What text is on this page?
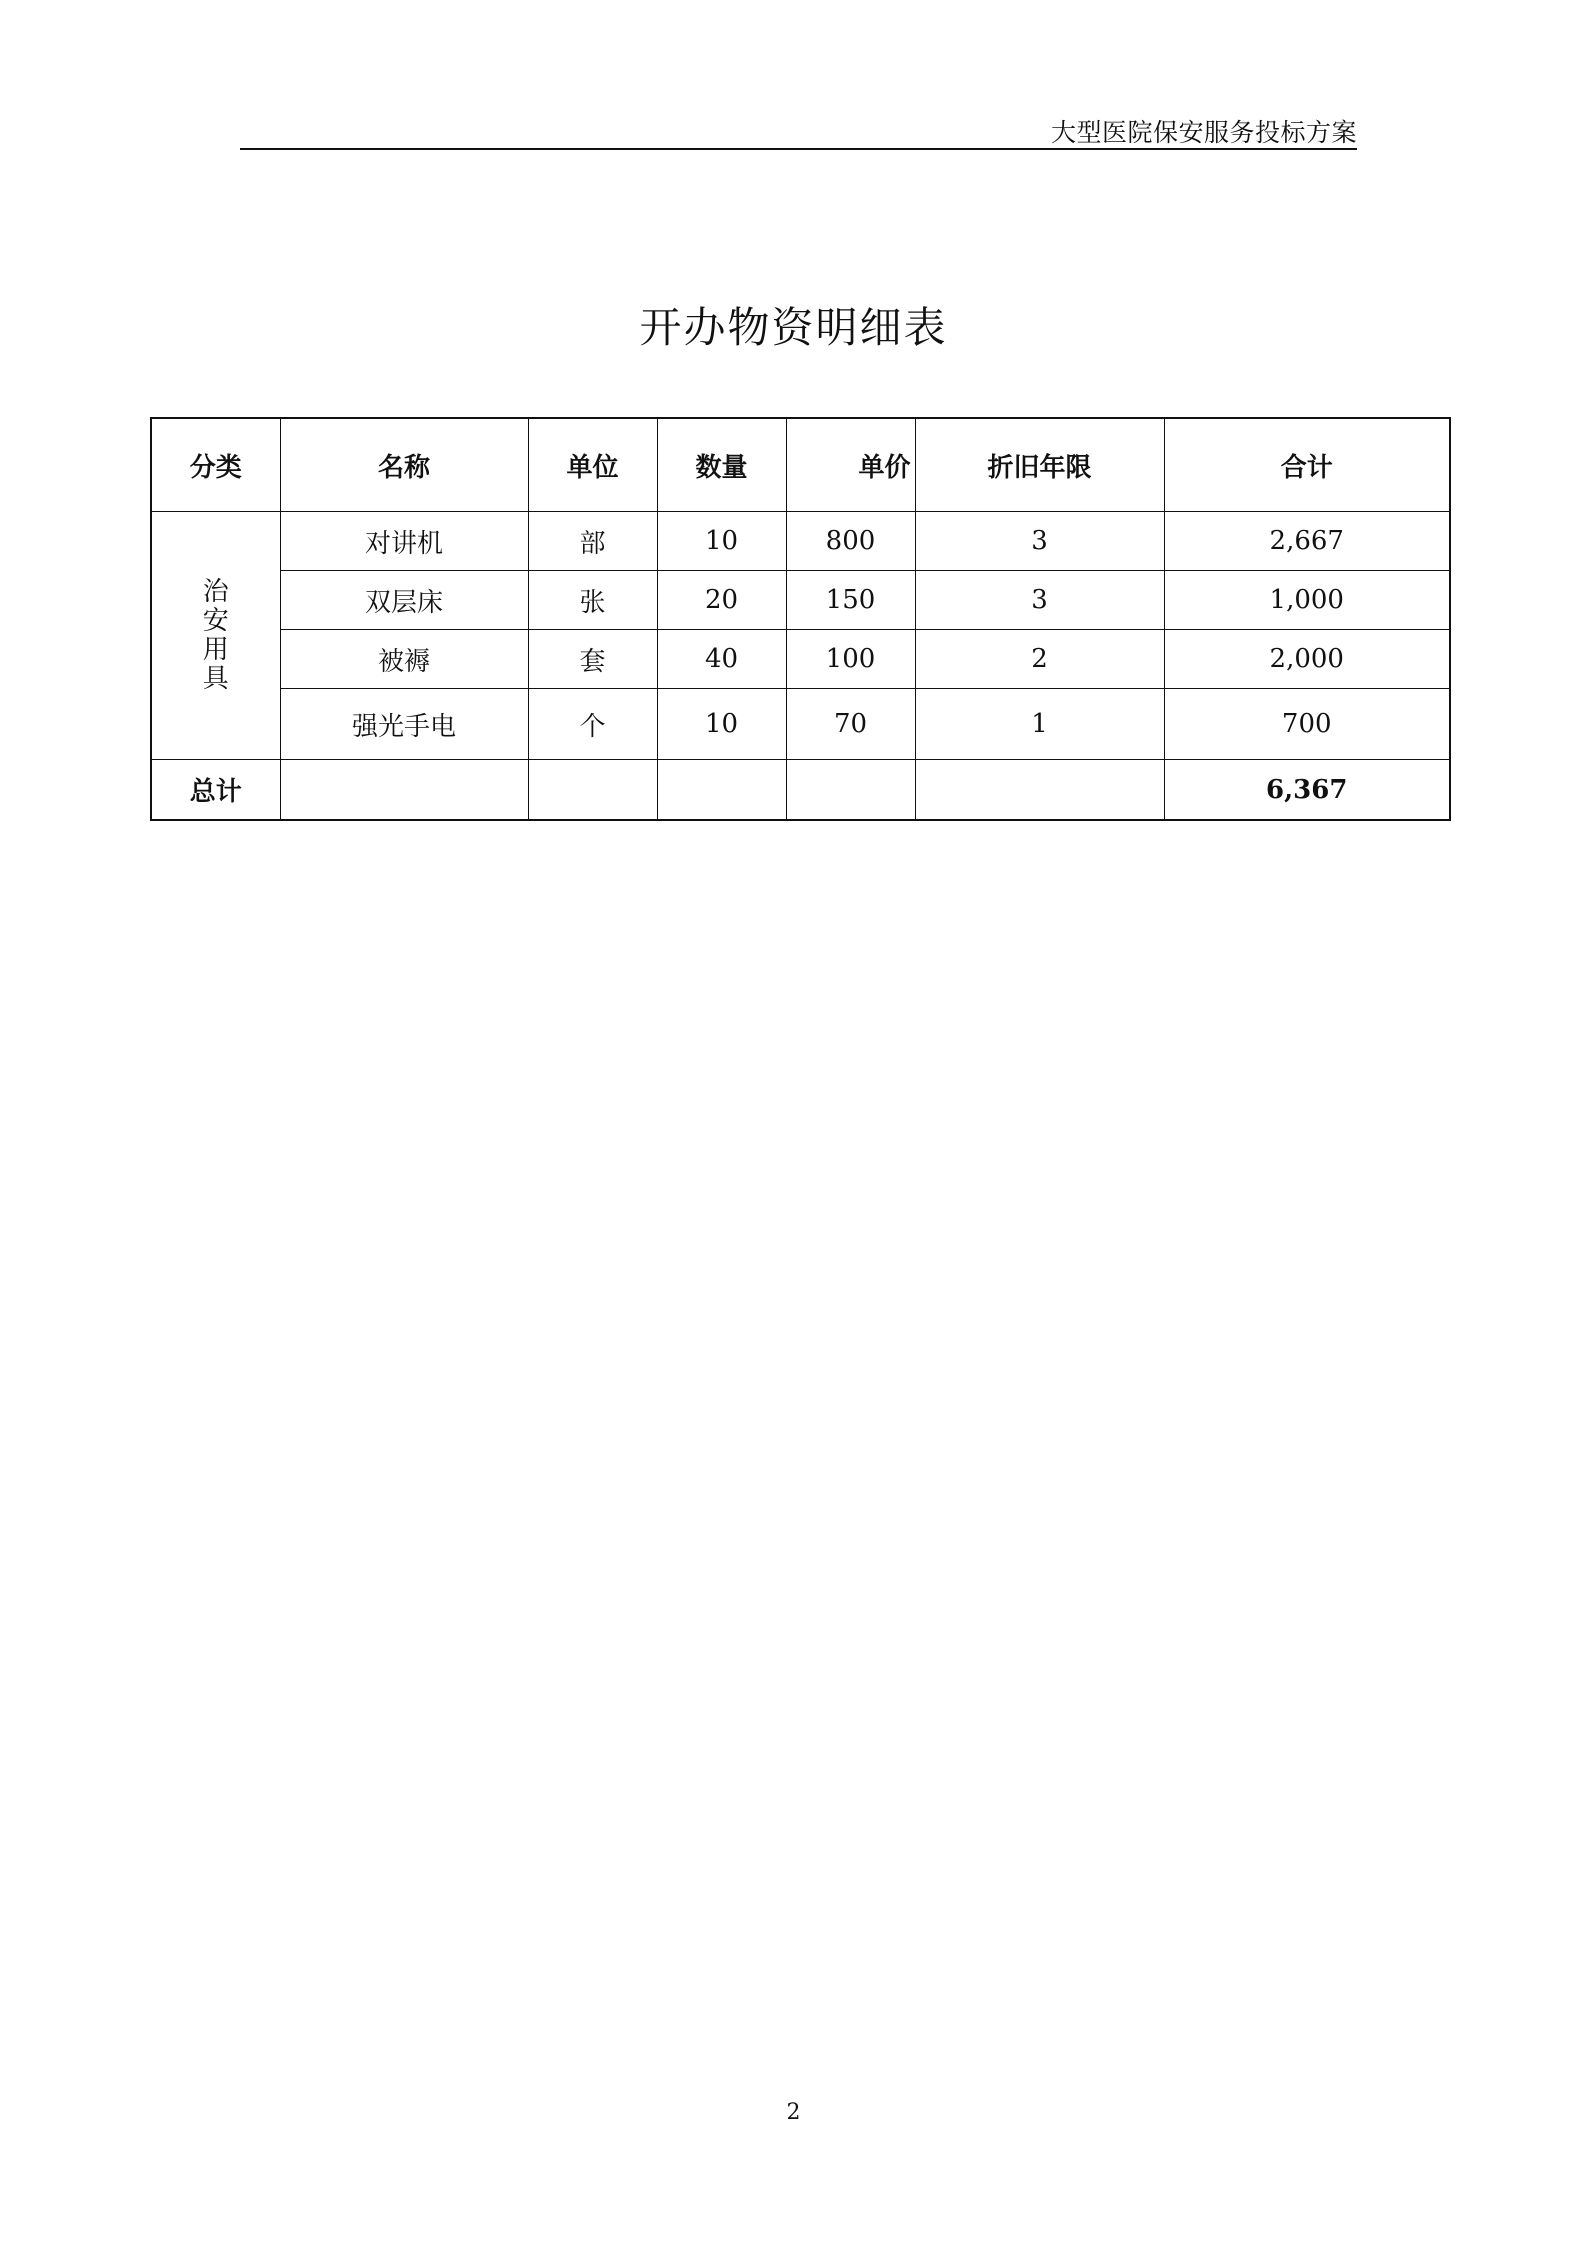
大型医院保安服务投标方案
开办物资明细表
分类	名称	单位	数量	单价	折旧年限	合计
治安用具	对讲机	部	10	800	3	2,667
	双层床	张	20	150	3	1,000
	被褥	套	40	100	2	2,000
	强光手电	个	10	70	1	700
总计						6,367
2
